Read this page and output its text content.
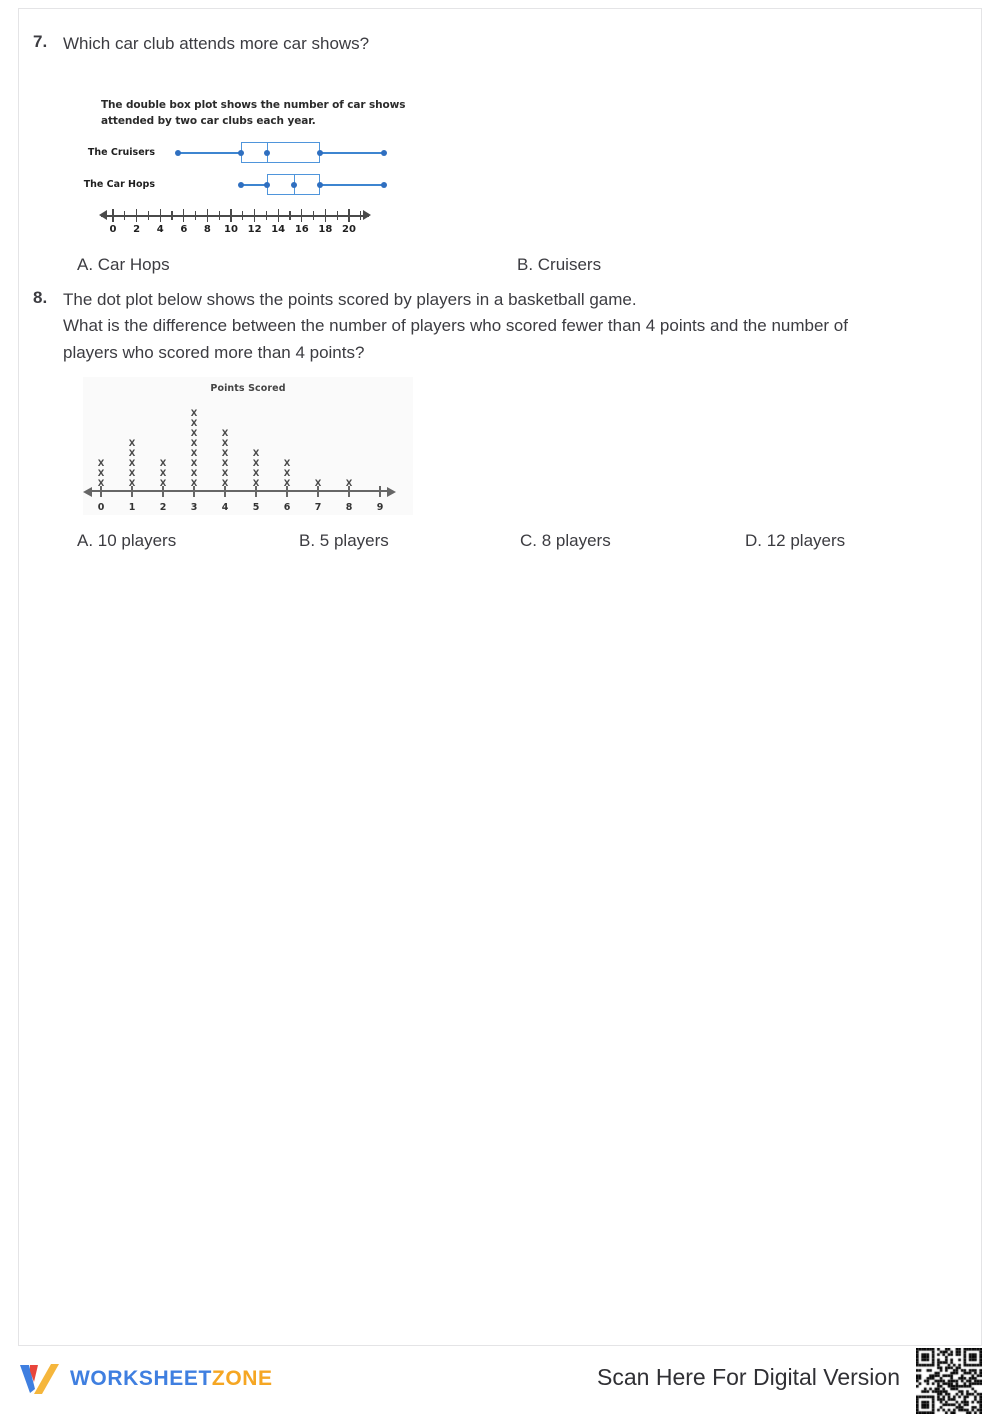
7. Which car club attends more car shows?
The double box plot shows the number of car shows attended by two car clubs each year.
The Cruisers
The Car Hops
0 2 4 6 8 10 12 14 16 18 20
A. Car Hops	B. Cruisers
8. The dot plot below shows the points scored by players in a basketball game.
What is the difference between the number of players who scored fewer than 4 points and the number of
players who scored more than 4 points?
Points Scored
0
X
X
X
1
X
X
X
X
X
2
X
X
X
3
X
X
X
X
X
X
X
X
4
X
X
X
X
X
X
5
X
X
X
X
6
X
X
X
7
X
8
X
9
A. 10 players	B. 5 players	C. 8 players	D. 12 players
WORKSHEETZONE	Scan Here For Digital Version
